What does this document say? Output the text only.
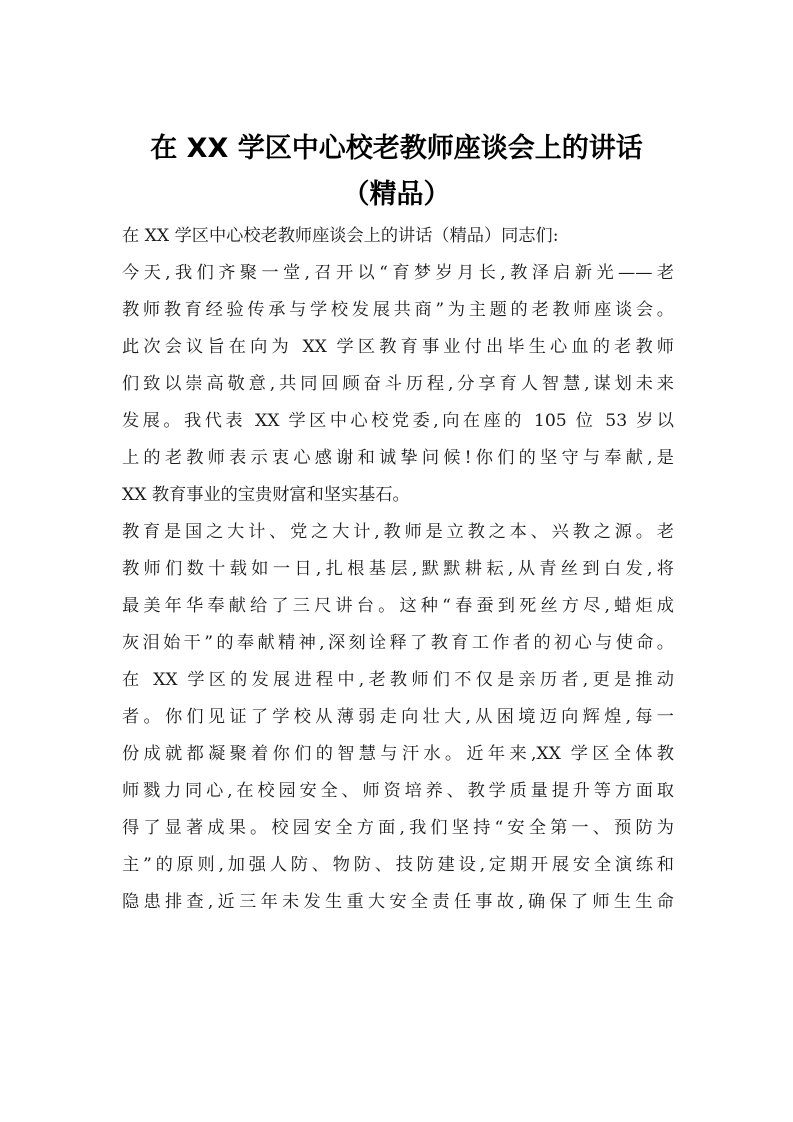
在 XX 学区中心校老教师座谈会上的讲话
（精品）
在 XX 学区中心校老教师座谈会上的讲话（精品）同志们:
今天,我们齐聚一堂,召开以“育梦岁月长,教泽启新光——老
教师教育经验传承与学校发展共商”为主题的老教师座谈会。
此次会议旨在向为 XX 学区教育事业付出毕生心血的老教师
们致以崇高敬意,共同回顾奋斗历程,分享育人智慧,谋划未来
发展。我代表 XX 学区中心校党委,向在座的 105 位 53 岁以
上的老教师表示衷心感谢和诚挚问候!你们的坚守与奉献,是
XX 教育事业的宝贵财富和坚实基石。
教育是国之大计、党之大计,教师是立教之本、兴教之源。老
教师们数十载如一日,扎根基层,默默耕耘,从青丝到白发,将
最美年华奉献给了三尺讲台。这种“春蚕到死丝方尽,蜡炬成
灰泪始干”的奉献精神,深刻诠释了教育工作者的初心与使命。
在 XX 学区的发展进程中,老教师们不仅是亲历者,更是推动
者。你们见证了学校从薄弱走向壮大,从困境迈向辉煌,每一
份成就都凝聚着你们的智慧与汗水。近年来,XX 学区全体教
师戮力同心,在校园安全、师资培养、教学质量提升等方面取
得了显著成果。校园安全方面,我们坚持“安全第一、预防为
主”的原则,加强人防、物防、技防建设,定期开展安全演练和
隐患排查,近三年未发生重大安全责任事故,确保了师生生命
